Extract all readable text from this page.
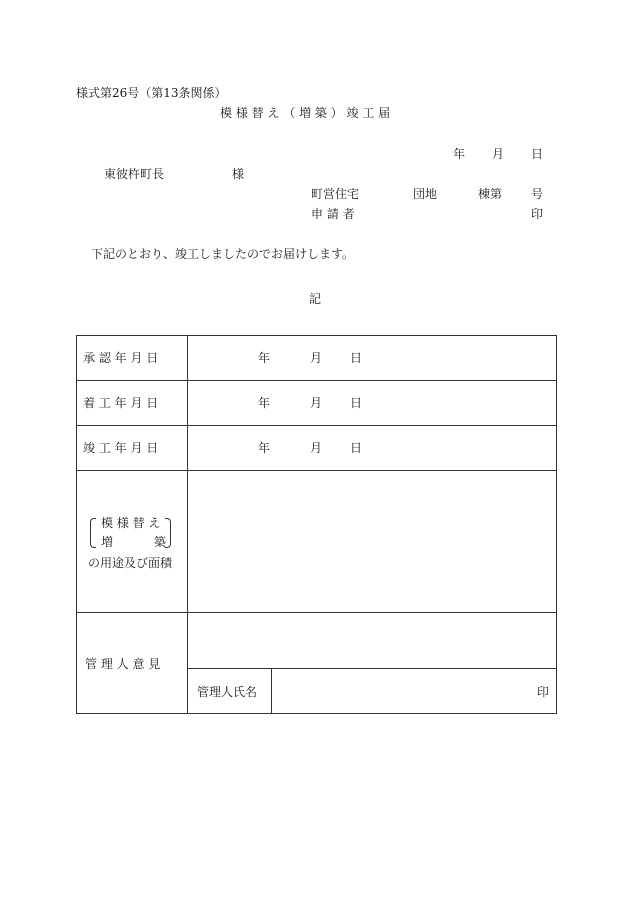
様式第26号（第13条関係）
模 様 替 え （ 増 築 ） 竣 工 届
年 月 日
東彼杵町長	様
町営住宅	団地	棟第 号
申 請 者	印
下記のとおり、竣工しましたのでお届けします。
記
承 認 年 月 日	年	月 日
着 工 年 月 日	年	月 日
竣 工 年 月 日	年	月 日
模 様 替 え
増	築
の用途及び面積
管 理 人 意 見
管理人氏名	印
